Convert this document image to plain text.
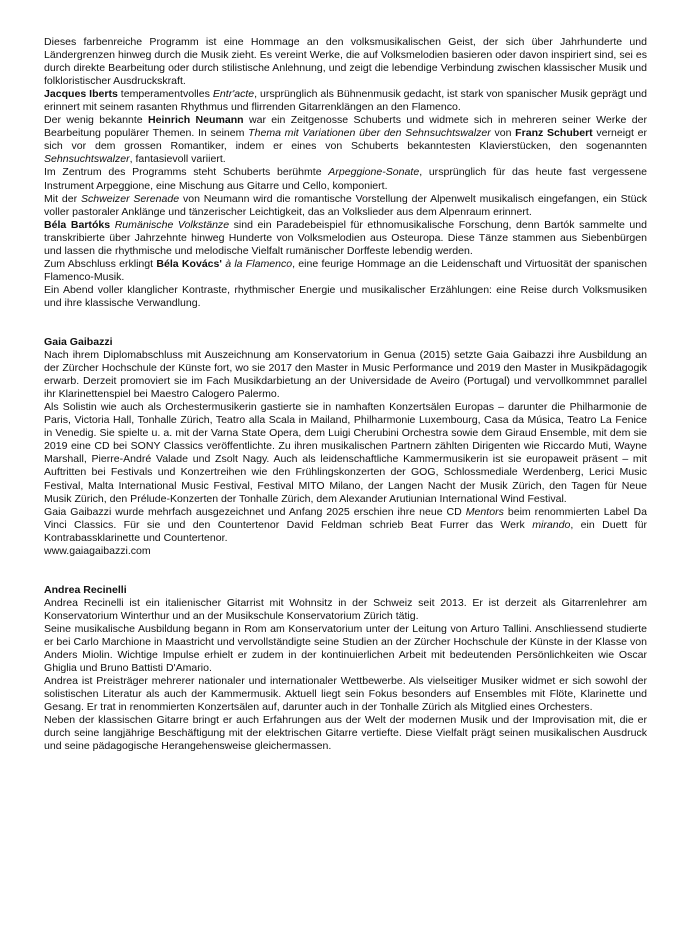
Dieses farbenreiche Programm ist eine Hommage an den volksmusikalischen Geist, der sich über Jahrhunderte und Ländergrenzen hinweg durch die Musik zieht. Es vereint Werke, die auf Volksmelodien basieren oder davon inspiriert sind, sei es durch direkte Bearbeitung oder durch stilistische Anlehnung, und zeigt die lebendige Verbindung zwischen klassischer Musik und folkloristischer Ausdruckskraft.

Jacques Iberts temperamentvolles Entr'acte, ursprünglich als Bühnenmusik gedacht, ist stark von spanischer Musik geprägt und erinnert mit seinem rasanten Rhythmus und flirrenden Gitarrenklängen an den Flamenco.

Der wenig bekannte Heinrich Neumann war ein Zeitgenosse Schuberts und widmete sich in mehreren seiner Werke der Bearbeitung populärer Themen. In seinem Thema mit Variationen über den Sehnsuchtswalzer von Franz Schubert verneigt er sich vor dem grossen Romantiker, indem er eines von Schuberts bekanntesten Klavierstücken, den sogenannten Sehnsuchtswalzer, fantasievoll variiert.

Im Zentrum des Programms steht Schuberts berühmte Arpeggione-Sonate, ursprünglich für das heute fast vergessene Instrument Arpeggione, eine Mischung aus Gitarre und Cello, komponiert.

Mit der Schweizer Serenade von Neumann wird die romantische Vorstellung der Alpenwelt musikalisch eingefangen, ein Stück voller pastoraler Anklänge und tänzerischer Leichtigkeit, das an Volkslieder aus dem Alpenraum erinnert.

Béla Bartóks Rumänische Volkstänze sind ein Paradebeispiel für ethnomusikalische Forschung, denn Bartók sammelte und transkribierte über Jahrzehnte hinweg Hunderte von Volksmelodien aus Osteuropa. Diese Tänze stammen aus Siebenbürgen und lassen die rhythmische und melodische Vielfalt rumänischer Dorffeste lebendig werden.

Zum Abschluss erklingt Béla Kovács' à la Flamenco, eine feurige Hommage an die Leidenschaft und Virtuosität der spanischen Flamenco-Musik.

Ein Abend voller klanglicher Kontraste, rhythmischer Energie und musikalischer Erzählungen: eine Reise durch Volksmusiken und ihre klassische Verwandlung.

Gaia Gaibazzi

Nach ihrem Diplomabschluss mit Auszeichnung am Konservatorium in Genua (2015) setzte Gaia Gaibazzi ihre Ausbildung an der Zürcher Hochschule der Künste fort, wo sie 2017 den Master in Music Performance und 2019 den Master in Musikpädagogik erwarb. Derzeit promoviert sie im Fach Musikdarbietung an der Universidade de Aveiro (Portugal) und vervollkommnet parallel ihr Klarinettenspiel bei Maestro Calogero Palermo.

Als Solistin wie auch als Orchestermusikerin gastierte sie in namhaften Konzertsälen Europas – darunter die Philharmonie de Paris, Victoria Hall, Tonhalle Zürich, Teatro alla Scala in Mailand, Philharmonie Luxembourg, Casa da Música, Teatro La Fenice in Venedig. Sie spielte u. a. mit der Varna State Opera, dem Luigi Cherubini Orchestra sowie dem Giraud Ensemble, mit dem sie 2019 eine CD bei SONY Classics veröffentlichte. Zu ihren musikalischen Partnern zählten Dirigenten wie Riccardo Muti, Wayne Marshall, Pierre-André Valade und Zsolt Nagy. Auch als leidenschaftliche Kammermusikerin ist sie europaweit präsent – mit Auftritten bei Festivals und Konzertreihen wie den Frühlingskonzerten der GOG, Schlossmediale Werdenberg, Lerici Music Festival, Malta International Music Festival, Festival MITO Milano, der Langen Nacht der Musik Zürich, den Tagen für Neue Musik Zürich, den Prélude-Konzerten der Tonhalle Zürich, dem Alexander Arutiunian International Wind Festival.

Gaia Gaibazzi wurde mehrfach ausgezeichnet und Anfang 2025 erschien ihre neue CD Mentors beim renommierten Label Da Vinci Classics. Für sie und den Countertenor David Feldman schrieb Beat Furrer das Werk mirando, ein Duett für Kontrabassklarinette und Countertenor.

www.gaiagaibazzi.com

Andrea Recinelli

Andrea Recinelli ist ein italienischer Gitarrist mit Wohnsitz in der Schweiz seit 2013. Er ist derzeit als Gitarrenlehrer am Konservatorium Winterthur und an der Musikschule Konservatorium Zürich tätig.

Seine musikalische Ausbildung begann in Rom am Konservatorium unter der Leitung von Arturo Tallini. Anschliessend studierte er bei Carlo Marchione in Maastricht und vervollständigte seine Studien an der Zürcher Hochschule der Künste in der Klasse von Anders Miolin. Wichtige Impulse erhielt er zudem in der kontinuierlichen Arbeit mit bedeutenden Persönlichkeiten wie Oscar Ghiglia und Bruno Battisti D'Amario.

Andrea ist Preisträger mehrerer nationaler und internationaler Wettbewerbe. Als vielseitiger Musiker widmet er sich sowohl der solistischen Literatur als auch der Kammermusik. Aktuell liegt sein Fokus besonders auf Ensembles mit Flöte, Klarinette und Gesang. Er trat in renommierten Konzertsälen auf, darunter auch in der Tonhalle Zürich als Mitglied eines Orchesters.

Neben der klassischen Gitarre bringt er auch Erfahrungen aus der Welt der modernen Musik und der Improvisation mit, die er durch seine langjährige Beschäftigung mit der elektrischen Gitarre vertiefte. Diese Vielfalt prägt seinen musikalischen Ausdruck und seine pädagogische Herangehensweise gleichermassen.
